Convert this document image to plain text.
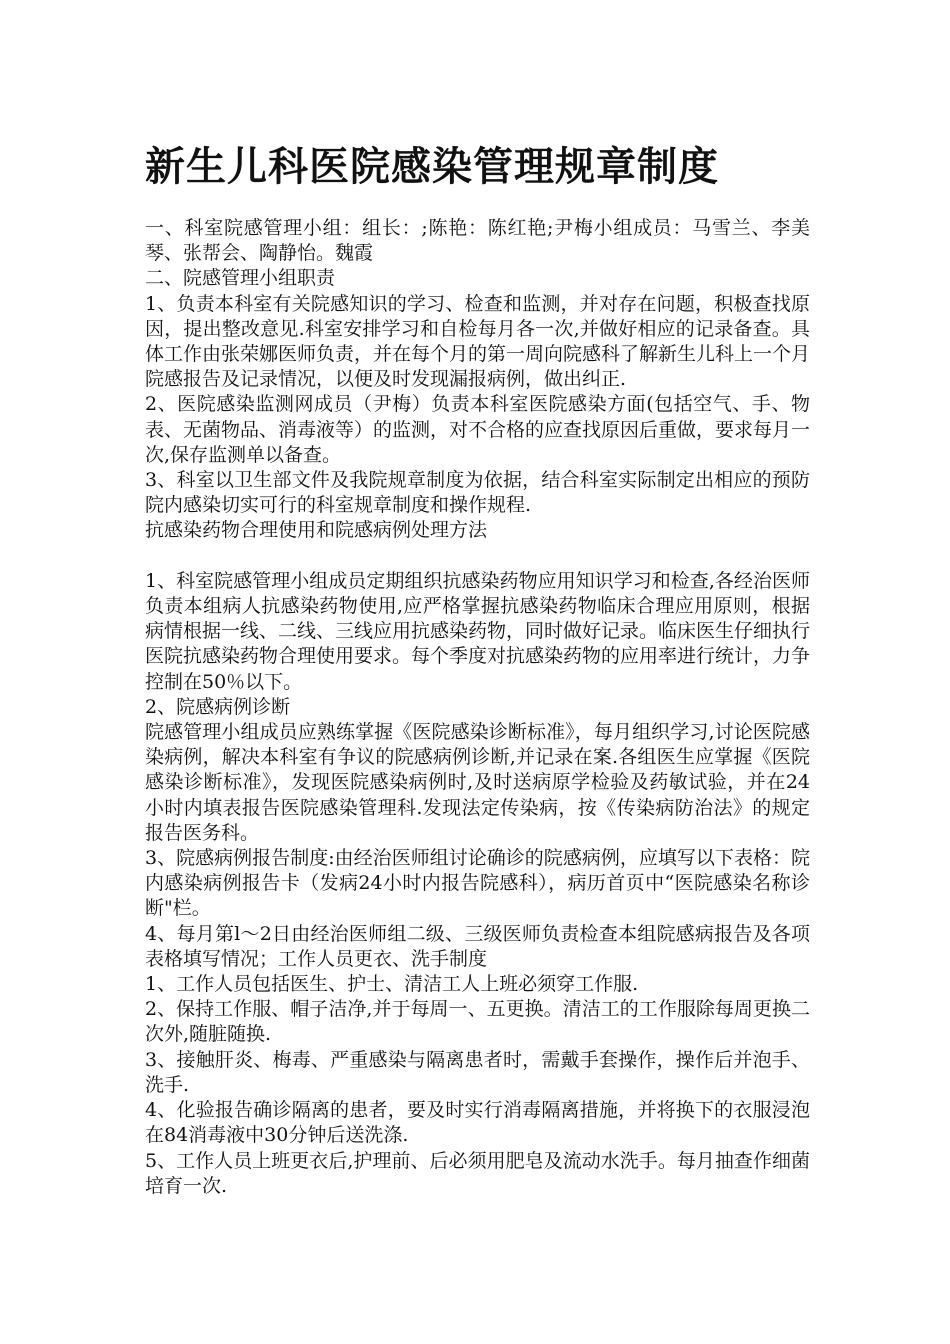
新生儿科医院感染管理规章制度

一、科室院感管理小组：组长：;陈艳：陈红艳;尹梅小组成员：马雪兰、李美琴、张帮会、陶静怡。魏霞

二、院感管理小组职责

1、负责本科室有关院感知识的学习、检查和监测，并对存在问题，积极查找原因，提出整改意见.科室安排学习和自检每月各一次,并做好相应的记录备查。具体工作由张荣娜医师负责，并在每个月的第一周向院感科了解新生儿科上一个月院感报告及记录情况，以便及时发现漏报病例，做出纠正.

2、医院感染监测网成员（尹梅）负责本科室医院感染方面(包括空气、手、物表、无菌物品、消毒液等）的监测，对不合格的应查找原因后重做，要求每月一次,保存监测单以备查。

3、科室以卫生部文件及我院规章制度为依据，结合科室实际制定出相应的预防院内感染切实可行的科室规章制度和操作规程.

抗感染药物合理使用和院感病例处理方法

1、科室院感管理小组成员定期组织抗感染药物应用知识学习和检查,各经治医师负责本组病人抗感染药物使用,应严格掌握抗感染药物临床合理应用原则，根据病情根据一线、二线、三线应用抗感染药物，同时做好记录。临床医生仔细执行医院抗感染药物合理使用要求。每个季度对抗感染药物的应用率进行统计，力争控制在50％以下。

2、院感病例诊断

院感管理小组成员应熟练掌握《医院感染诊断标准》，每月组织学习,讨论医院感染病例，解决本科室有争议的院感病例诊断,并记录在案.各组医生应掌握《医院感染诊断标准》，发现医院感染病例时,及时送病原学检验及药敏试验，并在24小时内填表报告医院感染管理科.发现法定传染病，按《传染病防治法》的规定报告医务科。

3、院感病例报告制度:由经治医师组讨论确诊的院感病例，应填写以下表格：院内感染病例报告卡（发病24小时内报告院感科），病历首页中“医院感染名称诊断"栏。

4、每月第l～2日由经治医师组二级、三级医师负责检查本组院感病报告及各项表格填写情况；工作人员更衣、洗手制度

1、工作人员包括医生、护士、清洁工人上班必须穿工作服.

2、保持工作服、帽子洁净,并于每周一、五更换。清洁工的工作服除每周更换二次外,随脏随换.

3、接触肝炎、梅毒、严重感染与隔离患者时，需戴手套操作，操作后并泡手、洗手.

4、化验报告确诊隔离的患者，要及时实行消毒隔离措施，并将换下的衣服浸泡在84消毒液中30分钟后送洗涤.

5、工作人员上班更衣后,护理前、后必须用肥皂及流动水洗手。每月抽查作细菌培育一次.
